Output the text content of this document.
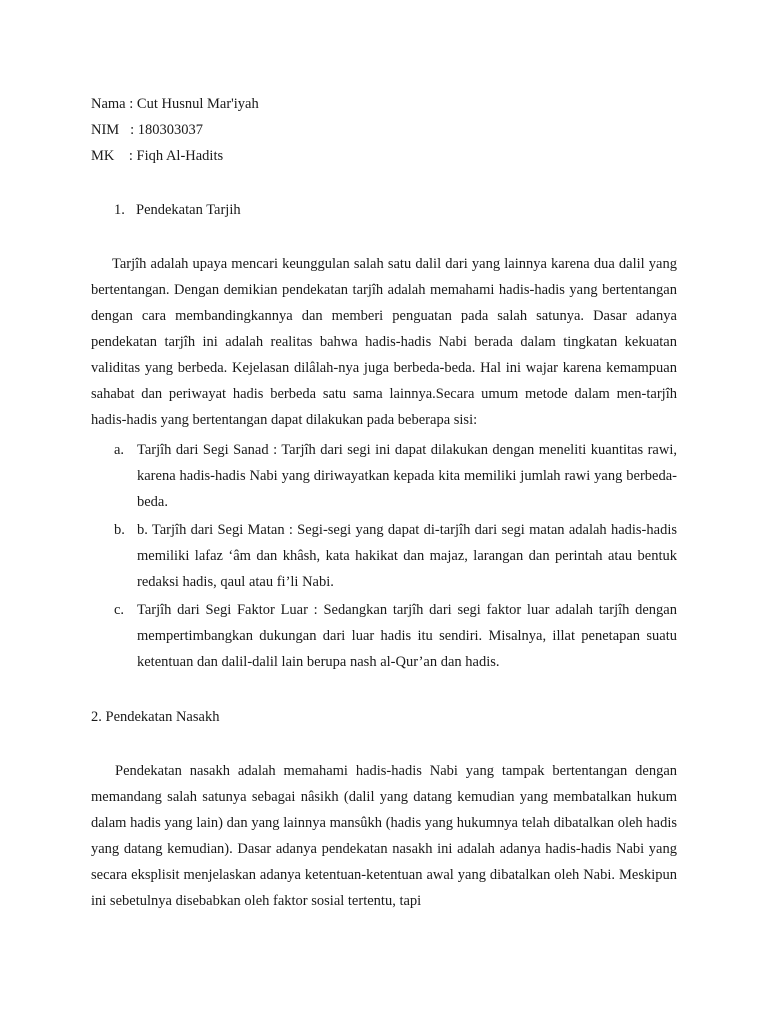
Nama : Cut Husnul Mar'iyah
NIM   : 180303037
MK    : Fiqh Al-Hadits
1. Pendekatan Tarjih

Tarjîh adalah upaya mencari keunggulan salah satu dalil dari yang lainnya karena dua dalil yang bertentangan. Dengan demikian pendekatan tarjîh adalah memahami hadis-hadis yang bertentangan dengan cara membandingkannya dan memberi penguatan pada salah satunya. Dasar adanya pendekatan tarjîh ini adalah realitas bahwa hadis-hadis Nabi berada dalam tingkatan kekuatan validitas yang berbeda. Kejelasan dilâlah-nya juga berbeda-beda. Hal ini wajar karena kemampuan sahabat dan periwayat hadis berbeda satu sama lainnya.Secara umum metode dalam men-tarjîh hadis-hadis yang bertentangan dapat dilakukan pada beberapa sisi:

a. Tarjîh dari Segi Sanad : Tarjîh dari segi ini dapat dilakukan dengan meneliti kuantitas rawi, karena hadis-hadis Nabi yang diriwayatkan kepada kita memiliki jumlah rawi yang berbeda-beda.

b. b. Tarjîh dari Segi Matan : Segi-segi yang dapat di-tarjîh dari segi matan adalah hadis-hadis memiliki lafaz ‘âm dan khâsh, kata hakikat dan majaz, larangan dan perintah atau bentuk redaksi hadis, qaul atau fi’li Nabi.

c. Tarjîh dari Segi Faktor Luar : Sedangkan tarjîh dari segi faktor luar adalah tarjîh dengan mempertimbangkan dukungan dari luar hadis itu sendiri. Misalnya, illat penetapan suatu ketentuan dan dalil-dalil lain berupa nash al-Qur’an dan hadis.

2. Pendekatan Nasakh

Pendekatan nasakh adalah memahami hadis-hadis Nabi yang tampak bertentangan dengan memandang salah satunya sebagai nâsikh (dalil yang datang kemudian yang membatalkan hukum dalam hadis yang lain) dan yang lainnya mansûkh (hadis yang hukumnya telah dibatalkan oleh hadis yang datang kemudian). Dasar adanya pendekatan nasakh ini adalah adanya hadis-hadis Nabi yang secara eksplisit menjelaskan adanya ketentuan-ketentuan awal yang dibatalkan oleh Nabi. Meskipun ini sebetulnya disebabkan oleh faktor sosial tertentu, tapi
